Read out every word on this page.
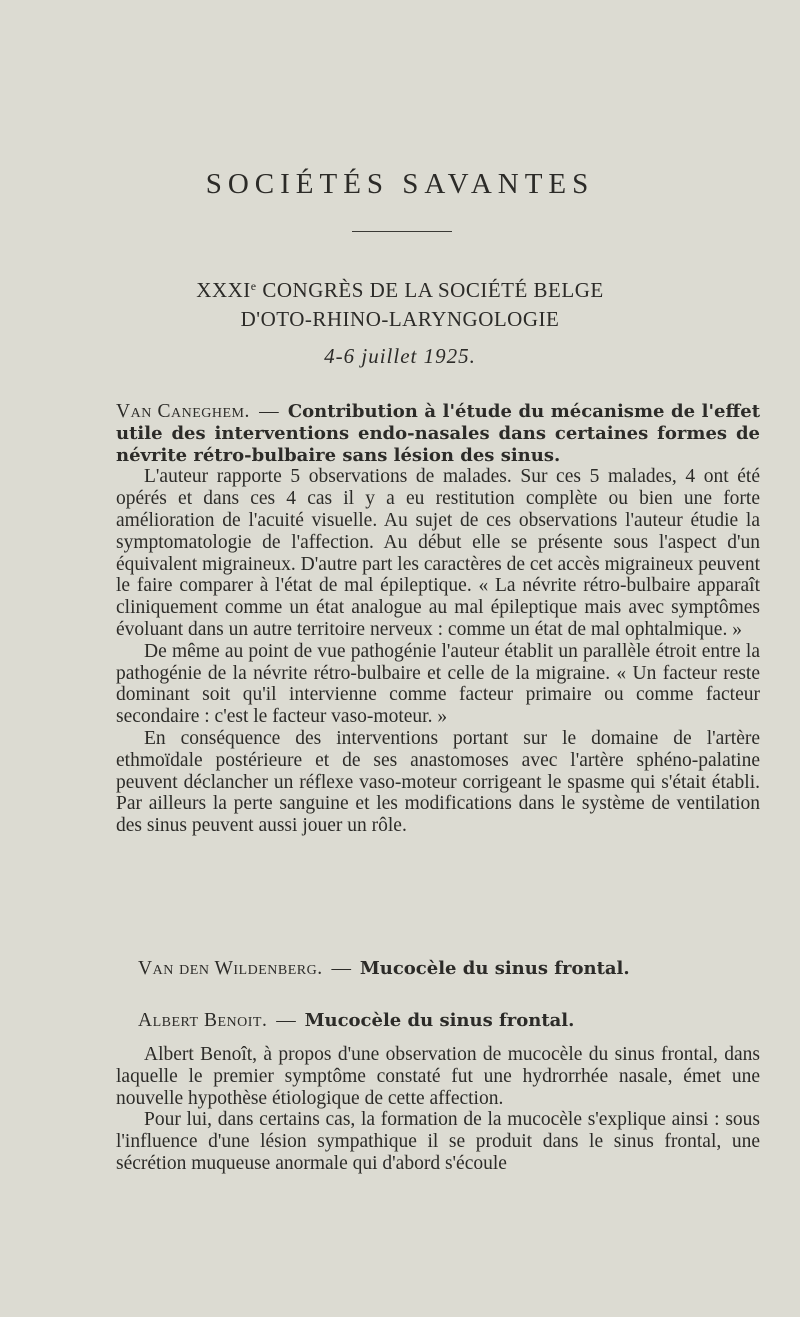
SOCIÉTÉS SAVANTES
XXXIe CONGRÈS DE LA SOCIÉTÉ BELGE
D'OTO-RHINO-LARYNGOLOGIE
4-6 juillet 1925.

Van Caneghem. — Contribution à l'étude du mécanisme de l'effet utile des interventions endo-nasales dans certaines formes de névrite rétro-bulbaire sans lésion des sinus.

L'auteur rapporte 5 observations de malades. Sur ces 5 malades, 4 ont été opérés et dans ces 4 cas il y a eu restitution complète ou bien une forte amélioration de l'acuité visuelle. Au sujet de ces observations l'auteur étudie la symptomatologie de l'affection. Au début elle se présente sous l'aspect d'un équivalent migraineux. D'autre part les caractères de cet accès migraineux peuvent le faire comparer à l'état de mal épileptique. « La névrite rétro-bulbaire apparaît cliniquement comme un état analogue au mal épileptique mais avec symptômes évoluant dans un autre territoire nerveux : comme un état de mal ophtalmique. »

De même au point de vue pathogénie l'auteur établit un parallèle étroit entre la pathogénie de la névrite rétro-bulbaire et celle de la migraine. « Un facteur reste dominant soit qu'il intervienne comme facteur primaire ou comme facteur secondaire : c'est le facteur vaso-moteur. »

En conséquence des interventions portant sur le domaine de l'artère ethmoïdale postérieure et de ses anastomoses avec l'artère sphéno-palatine peuvent déclancher un réflexe vaso-moteur corrigeant le spasme qui s'était établi. Par ailleurs la perte sanguine et les modifications dans le système de ventilation des sinus peuvent aussi jouer un rôle.

Van den Wildenberg. — Mucocèle du sinus frontal.
Albert Benoit. — Mucocèle du sinus frontal.

Albert Benoît, à propos d'une observation de mucocèle du sinus frontal, dans laquelle le premier symptôme constaté fut une hydrorrhée nasale, émet une nouvelle hypothèse étiologique de cette affection.

Pour lui, dans certains cas, la formation de la mucocèle s'explique ainsi : sous l'influence d'une lésion sympathique il se produit dans le sinus frontal, une sécrétion muqueuse anormale qui d'abord s'écoule
